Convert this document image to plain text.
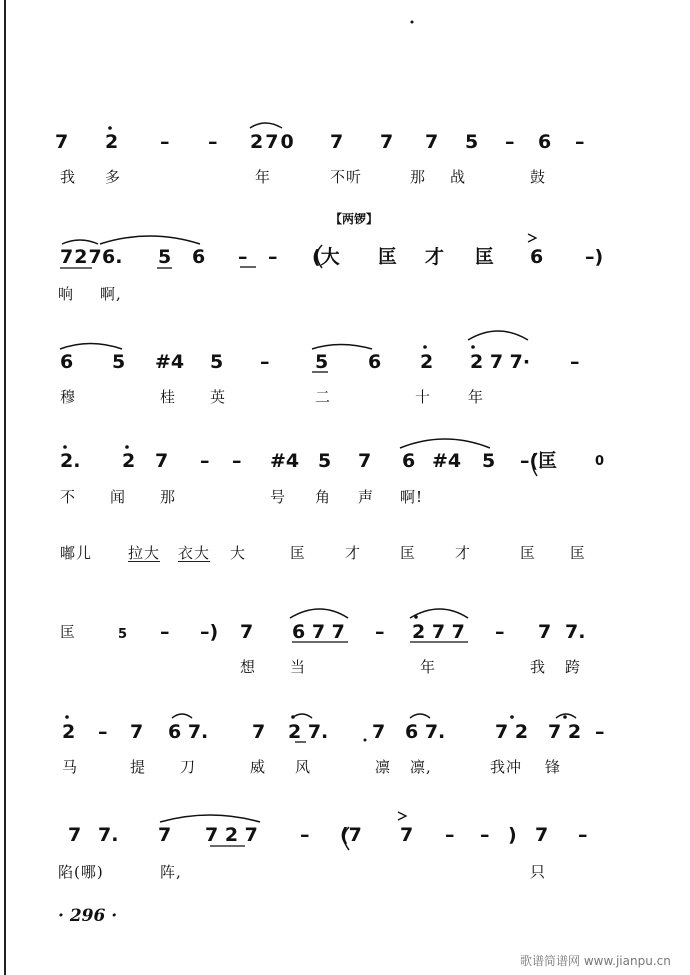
7 2 – – 270 7 7 7 5 – 6 –
我 多	年	不听	那 战	鼓
【两锣】
727 6. 5 6 – – (大 匡 才 匡 6 –)
响 啊,
6 5 #4 5 – 5 6 2 2 7 7· –
穆	桂 英	二	十 年
2. 2 7 – – #4 5 7 6 #4 5 –(匡	0
不 闻 那	号 角 声 啊!
嘟儿 拉大 衣大 大	匡	才	匡	才	匡 匡
匡	5 – –) 7 6 7 7 – 2 7 7 – 7 7.
想 当	年	我 跨
2 – 7 6 7. 7 2 7. 7 6 7.	7 2 7 2 –
马	提 刀	威 风	凛 凛,	我冲 锋
7 7. 7 7 2 7 – (7 7 – – ) 7 –
陷(哪)	阵,	只
· 296 ·
歌谱简谱网 www.jianpu.cn
